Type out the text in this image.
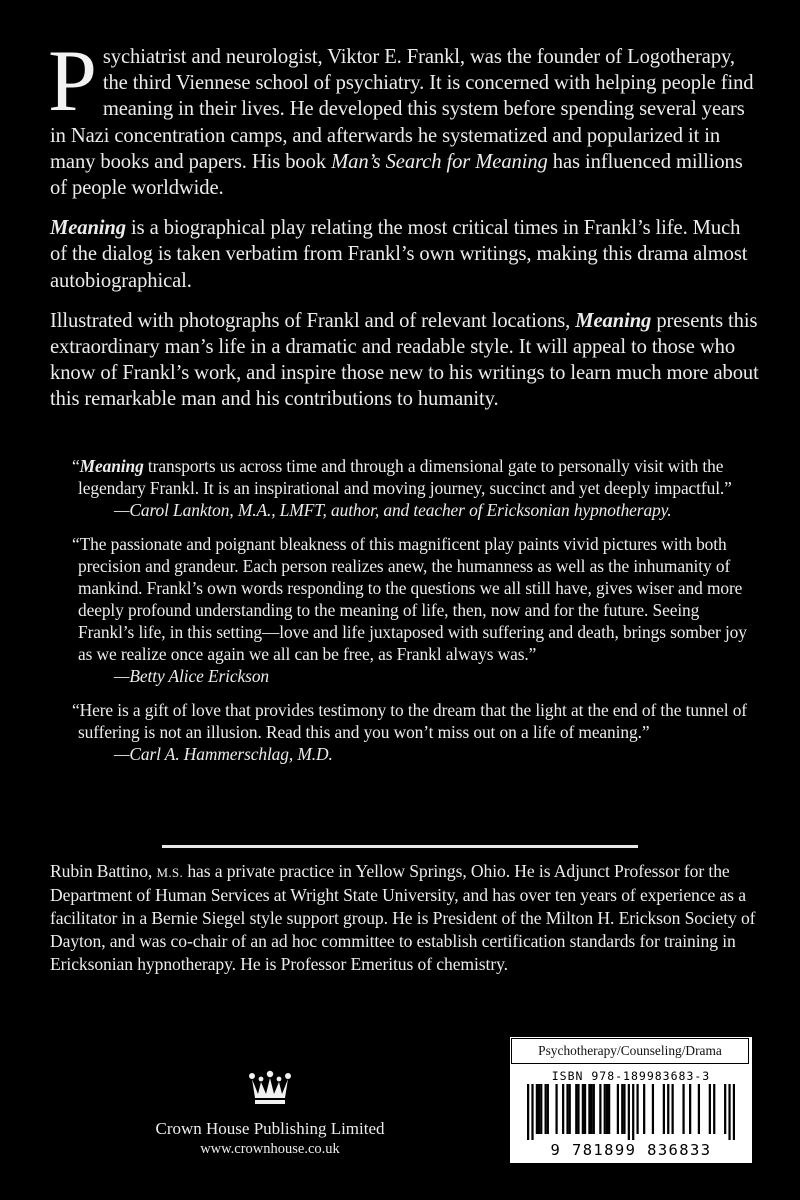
Psychiatrist and neurologist, Viktor E. Frankl, was the founder of Logotherapy, the third Viennese school of psychiatry. It is concerned with helping people find meaning in their lives. He developed this system before spending several years in Nazi concentration camps, and afterwards he systematized and popularized it in many books and papers. His book Man’s Search for Meaning has influenced millions of people worldwide.

Meaning is a biographical play relating the most critical times in Frankl’s life. Much of the dialog is taken verbatim from Frankl’s own writings, making this drama almost autobiographical.

Illustrated with photographs of Frankl and of relevant locations, Meaning presents this extraordinary man’s life in a dramatic and readable style. It will appeal to those who know of Frankl’s work, and inspire those new to his writings to learn much more about this remarkable man and his contributions to humanity.

“Meaning transports us across time and through a dimensional gate to personally visit with the legendary Frankl. It is an inspirational and moving journey, succinct and yet deeply impactful.”
—Carol Lankton, M.A., LMFT, author, and teacher of Ericksonian hypnotherapy.
“The passionate and poignant bleakness of this magnificent play paints vivid pictures with both precision and grandeur. Each person realizes anew, the humanness as well as the inhumanity of mankind. Frankl’s own words responding to the questions we all still have, gives wiser and more deeply profound understanding to the meaning of life, then, now and for the future. Seeing Frankl’s life, in this setting—love and life juxtaposed with suffering and death, brings somber joy as we realize once again we all can be free, as Frankl always was.”
—Betty Alice Erickson
“Here is a gift of love that provides testimony to the dream that the light at the end of the tunnel of suffering is not an illusion. Read this and you won’t miss out on a life of meaning.”
—Carl A. Hammerschlag, M.D.
Rubin Battino, M.S. has a private practice in Yellow Springs, Ohio. He is Adjunct Professor for the Department of Human Services at Wright State University, and has over ten years of experience as a facilitator in a Bernie Siegel style support group. He is President of the Milton H. Erickson Society of Dayton, and was co-chair of an ad hoc committee to establish certification standards for training in Ericksonian hypnotherapy. He is Professor Emeritus of chemistry.
Crown House Publishing Limited
www.crownhouse.co.uk
Psychotherapy/Counseling/Drama
ISBN 978-189983683-3
9 781899 836833
